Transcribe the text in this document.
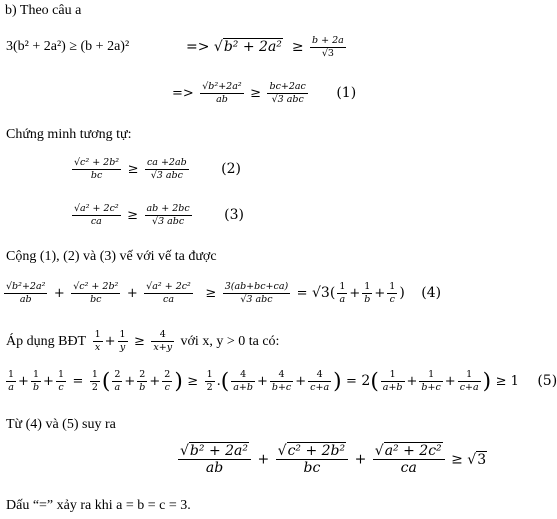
b) Theo câu a
3(b² + 2a²) ≥ (b + 2a)²	=> $√b^2 + 2a^2 \ge \frac{b + 2a}{√3}$
=> $\frac{\text{√b²+2a²}}{ab} \ge \frac{bc+2ac}{\text{√3 abc}} (1)$
Chứng minh tương tự:
$\frac{\text{√c² + 2b²}}{bc} \ge \frac{ca +2ab}{\text{√3 abc}} (2)$
$\frac{\text{√a² + 2c²}}{ca} \ge \frac{ab + 2bc}{\text{√3 abc}} (3)$
Cộng (1), (2) và (3) vế với vế ta được
$\frac{\text{√b²+2a²}}{ab} + \frac{\text{√c² + 2b²}}{bc} + \frac{\text{√a² + 2c²}}{ca} \ge \frac{3(ab+bc+ca)}{\text{√3 abc}} = √3( \frac{1}{a} + \frac{1}{b} + \frac{1}{c}$ ) (4)
Áp dụng BĐT $\frac{1}{x} + \frac{1}{y} \ge \frac{4}{x+y}$ với x, y > 0 ta có:
$\frac{1}{a} + \frac{1}{b} + \frac{1}{c} = \frac{1}{2}$ ( $\frac{2}{a} + \frac{2}{b} + \frac{2}{c}$ ) ≥ $\frac{1}{2}$ .( $\frac{4}{a+b} + \frac{4}{b+c} + \frac{4}{c+a}$ ) = $2( \frac{1}{a+b} + \frac{1}{b+c} + \frac{1}{c+a}$ ) ≥ 1 (5)
Từ (4) và (5) suy ra
$\frac{\text{√b² + 2a²}}{ab} + \frac{\text{√c² + 2b²}}{bc} + \frac{\text{√a² + 2c²}}{ca} \ge √3$
Dấu “=” xảy ra khi a = b = c = 3.
